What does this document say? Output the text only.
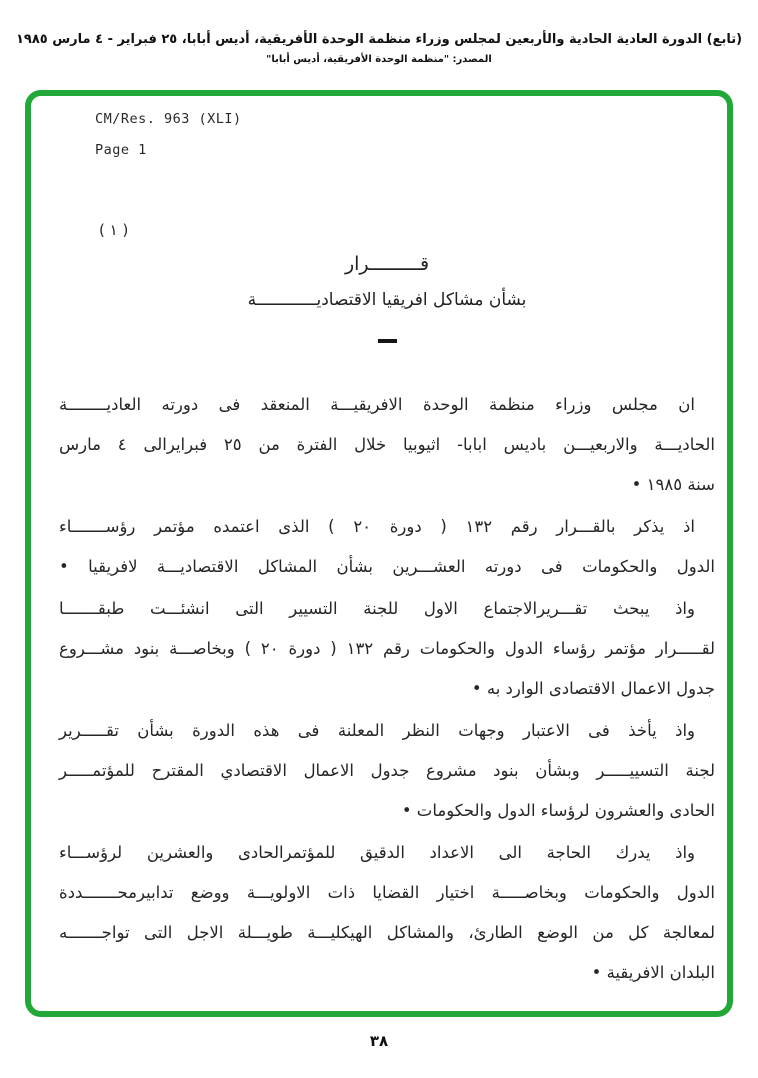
(تابع) الدورة العادية الحادية والأربعين لمجلس وزراء منظمة الوحدة الأفريقية، أديس أبابا، ٢٥ فبراير - ٤ مارس ١٩٨٥
المصدر: "منظمة الوحدة الأفريقية، أديس أبابا"
CM/Res. 963 (XLI)
Page 1
( ١ )
قـــــــــرار
بشأن مشاكل افريقيا الاقتصاديــــــــــــة
ان مجلس وزراء منظمة الوحدة الافريقيـــة المنعقد فى دورته العاديــــــــة
الحاديـــة والاربعيـــن باديس ابابا- اثيوبيا خلال الفترة من ٢٥ فبرايرالى ٤ مارس
سنة ١٩٨٥ •
اذ يذكر بالقـــرار رقم ١٣٢ ( دورة ٢٠ ) الذى اعتمده مؤتمر رؤســـــــاء
الدول والحكومات فى دورته العشـــرين بشأن المشاكل الاقتصاديـــة لافريقيا •
واذ يبحث تقـــريرالاجتماع الاول للجنة التسيير التى انشئـــت طبقـــــــا
لقـــــرار مؤتمر رؤساء الدول والحكومات رقم ١٣٢ ( دورة ٢٠ ) وبخاصـــة بنود مشـــروع
جدول الاعمال الاقتصادى الوارد به •
واذ يأخذ فى الاعتبار وجهات النظر المعلنة فى هذه الدورة بشأن تقـــــرير
لجنة التسييـــــر وبشأن بنود مشروع جدول الاعمال الاقتصادي المقترح للمؤتمـــــر
الحادى والعشرون لرؤساء الدول والحكومات •
واذ يدرك الحاجة الى الاعداد الدقيق للمؤتمرالحادى والعشرين لرؤســـاء
الدول والحكومات وبخاصـــــة اختيار القضايا ذات الاولويـــة ووضع تدابيرمحـــــــددة
لمعالجة كل من الوضع الطارئ، والمشاكل الهيكليـــة طويـــلة الاجل التى تواجـــــــه
البلدان الافريقية •
٣٨
